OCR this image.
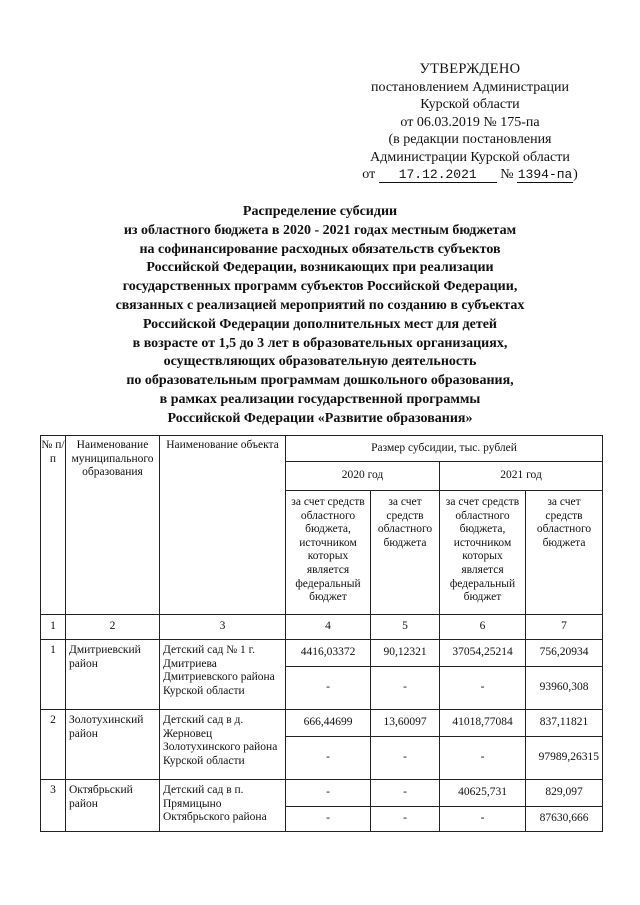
УТВЕРЖДЕНО
постановлением Администрации
Курской области
от 06.03.2019 № 175-па
(в редакции постановления
Администрации Курской области
от 17.12.2021 № 1394-па)
Распределение субсидии
из областного бюджета в 2020 - 2021 годах местным бюджетам
на софинансирование расходных обязательств субъектов
Российской Федерации, возникающих при реализации
государственных программ субъектов Российской Федерации,
связанных с реализацией мероприятий по созданию в субъектах
Российской Федерации дополнительных мест для детей
в возрасте от 1,5 до 3 лет в образовательных организациях,
осуществляющих образовательную деятельность
по образовательным программам дошкольного образования,
в рамках реализации государственной программы
Российской Федерации «Развитие образования»
№ п/п	Наименование муниципального образования	Наименование объекта	Размер субсидии, тыс. рублей			
			2020 год		2021 год	
			за счет средств областного бюджета, источником которых является федеральный бюджет	за счет средств областного бюджета	за счет средств областного бюджета, источником которых является федеральный бюджет	за счет средств областного бюджета
1	2	3	4	5	6	7
1	Дмитриевский район	Детский сад № 1 г. Дмитриева Дмитриевского района Курской области	4416,03372	90,12321	37054,25214	756,20934
			-	-	-	93960,308
2	Золотухинский район	Детский сад в д. Жерновец Золотухинского района Курской области	666,44699	13,60097	41018,77084	837,11821
			-	-	-	97989,26315
3	Октябрьский район	Детский сад в п. Прямицыно Октябрьского района	-	-	40625,731	829,097
			-	-	-	87630,666
